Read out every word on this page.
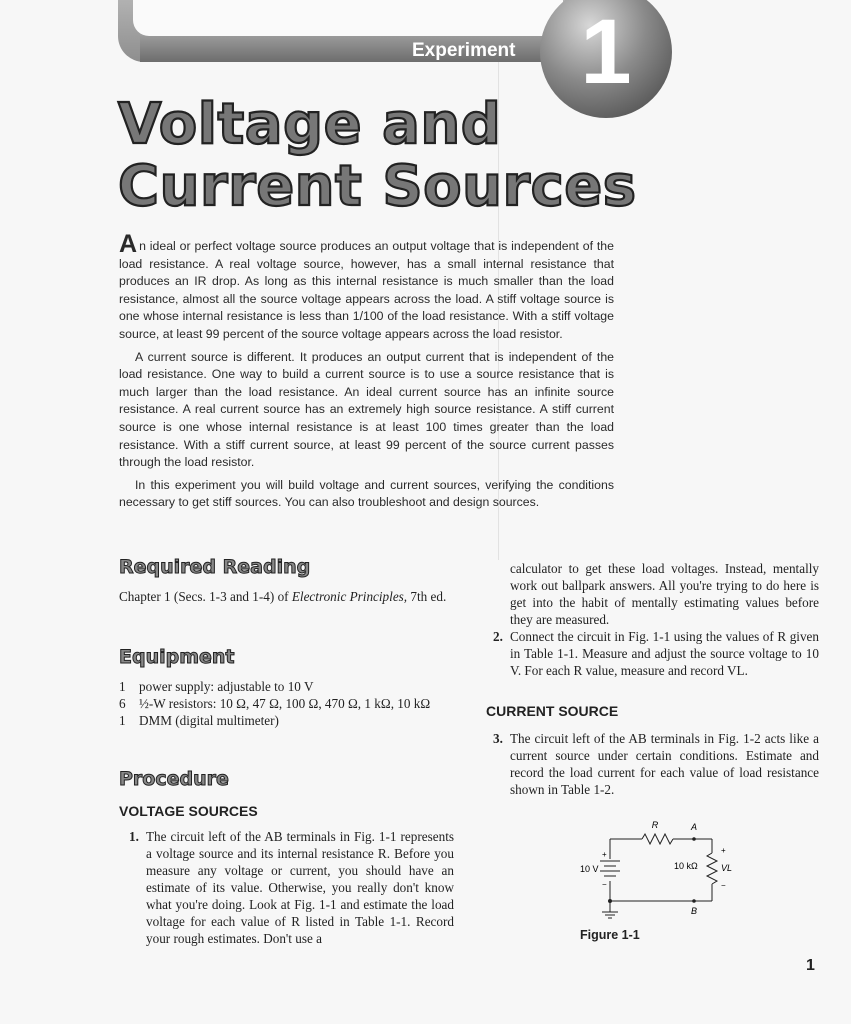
Experiment 1
Voltage and
Current Sources

An ideal or perfect voltage source produces an output voltage that is independent of the load resistance. A real voltage source, however, has a small internal resistance that produces an IR drop. As long as this internal resistance is much smaller than the load resistance, almost all the source voltage appears across the load. A stiff voltage source is one whose internal resistance is less than 1/100 of the load resistance. With a stiff voltage source, at least 99 percent of the source voltage appears across the load resistor.

A current source is different. It produces an output current that is independent of the load resistance. One way to build a current source is to use a source resistance that is much larger than the load resistance. An ideal current source has an infinite source resistance. A real current source has an extremely high source resistance. A stiff current source is one whose internal resistance is at least 100 times greater than the load resistance. With a stiff current source, at least 99 percent of the source current passes through the load resistor.

In this experiment you will build voltage and current sources, verifying the conditions necessary to get stiff sources. You can also troubleshoot and design sources.

Required Reading
Chapter 1 (Secs. 1-3 and 1-4) of Electronic Principles, 7th ed.
Equipment
1	power supply: adjustable to 10 V
6	½-W resistors: 10 Ω, 47 Ω, 100 Ω, 470 Ω, 1 kΩ, 10 kΩ
1	DMM (digital multimeter)
Procedure
VOLTAGE SOURCES
1. The circuit left of the AB terminals in Fig. 1-1 represents a voltage source and its internal resistance R. Before you measure any voltage or current, you should have an estimate of its value. Otherwise, you really don't know what you're doing. Look at Fig. 1-1 and estimate the load voltage for each value of R listed in Table 1-1. Record your rough estimates. Don't use a
calculator to get these load voltages. Instead, mentally work out ballpark answers. All you're trying to do here is get into the habit of mentally estimating values before they are measured.
2. Connect the circuit in Fig. 1-1 using the values of R given in Table 1-1. Measure and adjust the source voltage to 10 V. For each R value, measure and record VL.
CURRENT SOURCE
3. The circuit left of the AB terminals in Fig. 1-2 acts like a current source under certain conditions. Estimate and record the load current for each value of load resistance shown in Table 1-2.
R	A
B
10 V
+
−
10 kΩ
+
VL
−
Figure 1-1
1
